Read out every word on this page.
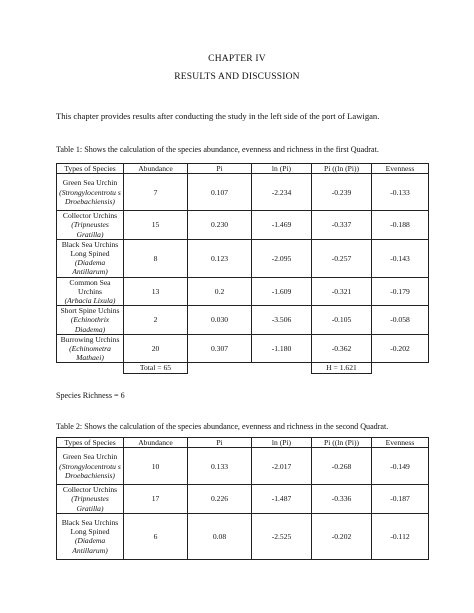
CHAPTER IV
RESULTS AND DISCUSSION
This chapter provides results after conducting the study in the left side of the port of Lawigan.
Table 1: Shows the calculation of the species abundance, evenness and richness in the first Quadrat.
Types of Species	Abundance	Pi	ln (Pi)	Pi ((ln (Pi))	Evenness

Green Sea Urchin
(Strongylocentrotu s Droebachiensis)	7	0.107	-2.234	-0.239	-0.133

Collector Urchins
(Tripneustes Gratilla)	15	0.230	-1.469	-0.337	-0.188

Black Sea Urchins Long Spined
(Diadema Antillarum)	8	0.123	-2.095	-0.257	-0.143

Common Sea Urchins
(Arbacia Lixula)	13	0.2	-1.609	-0.321	-0.179

Short Spine Uchins
(Echinothrix Diadema)	2	0.030	-3.506	-0.105	-0.058

Burrowing Urchins
(Echinometra Mathaei)	20	0.307	-1.180	-0.362	-0.202
	Total = 65			H = 1.621	
Species Richness = 6
Table 2: Shows the calculation of the species abundance, evenness and richness in the second Quadrat.
Types of Species	Abundance	Pi	ln (Pi)	Pi ((ln (Pi))	Evenness

Green Sea Urchin
(Strongylocentrotu s Droebachiensis)	10	0.133	-2.017	-0.268	-0.149

Collector Urchins
(Tripneustes Gratilla)	17	0.226	-1.487	-0.336	-0.187

Black Sea Urchins Long Spined
(Diadema Antillarum)	6	0.08	-2.525	-0.202	-0.112
